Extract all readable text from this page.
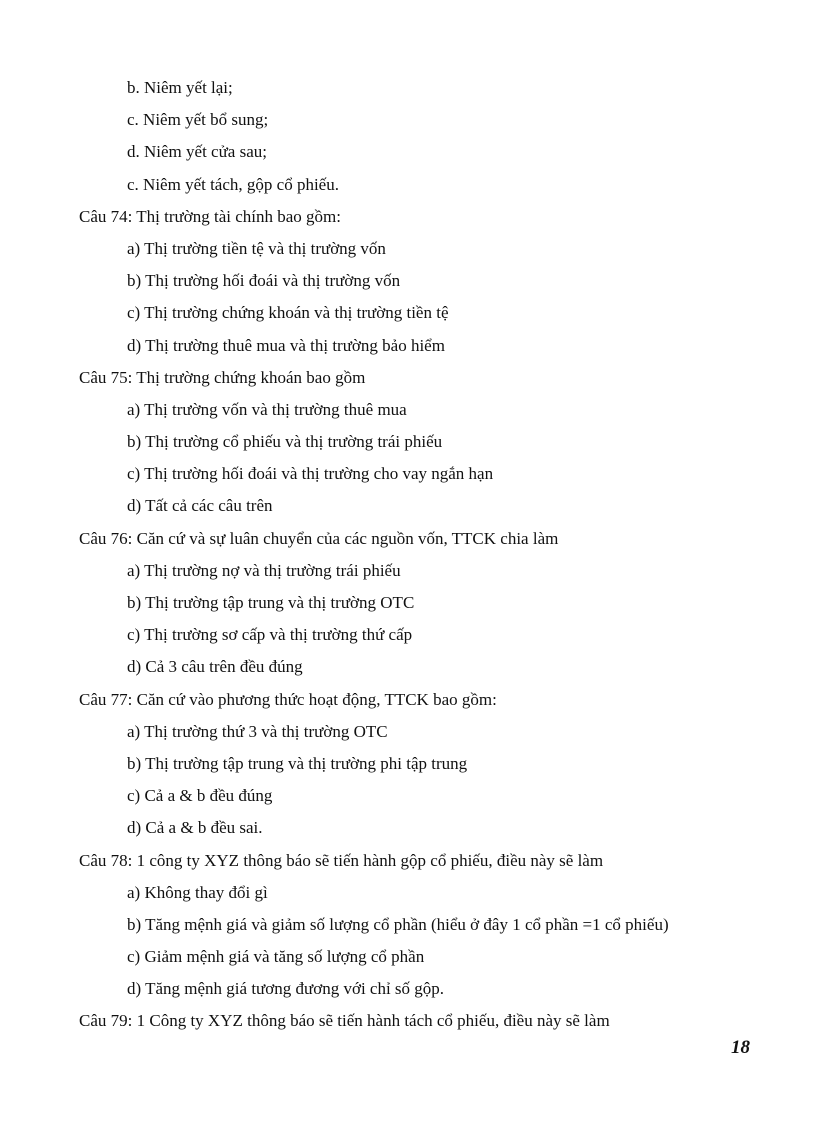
b. Niêm yết lại;
c. Niêm yết bổ sung;
d. Niêm yết cửa sau;
c. Niêm yết tách, gộp cổ phiếu.
Câu 74: Thị trường tài chính bao gồm:
a) Thị trường tiền tệ và thị trường vốn
b) Thị trường hối đoái và thị trường vốn
c) Thị trường chứng khoán và thị trường tiền tệ
d) Thị trường thuê mua và thị trường bảo hiểm
Câu 75: Thị trường chứng khoán bao gồm
a) Thị trường vốn và thị trường thuê mua
b) Thị trường cổ phiếu và thị trường trái phiếu
c) Thị trường hối đoái và thị trường cho vay ngắn hạn
d) Tất cả các câu trên
Câu 76: Căn cứ và sự luân chuyển của các nguồn vốn, TTCK chia làm
a) Thị trường nợ và thị trường trái phiếu
b) Thị trường tập trung và thị trường OTC
c) Thị trường sơ cấp và thị trường thứ cấp
d) Cả 3 câu trên đều đúng
Câu 77: Căn cứ vào phương thức hoạt động, TTCK bao gồm:
a) Thị trường thứ 3 và thị trường OTC
b) Thị trường tập trung và thị trường phi tập trung
c) Cả a & b đều đúng
d) Cả a & b đều sai.
Câu 78: 1 công ty XYZ thông báo sẽ tiến hành gộp cổ phiếu, điều này sẽ làm
a) Không thay đổi gì
b) Tăng mệnh giá và giảm số lượng cổ phần (hiểu ở đây 1 cổ phần =1 cổ phiếu)
c) Giảm mệnh giá và tăng số lượng cổ phần
d) Tăng mệnh giá tương đương với chỉ số gộp.
Câu 79: 1 Công ty XYZ thông báo sẽ tiến hành tách cổ phiếu, điều này sẽ làm
18
